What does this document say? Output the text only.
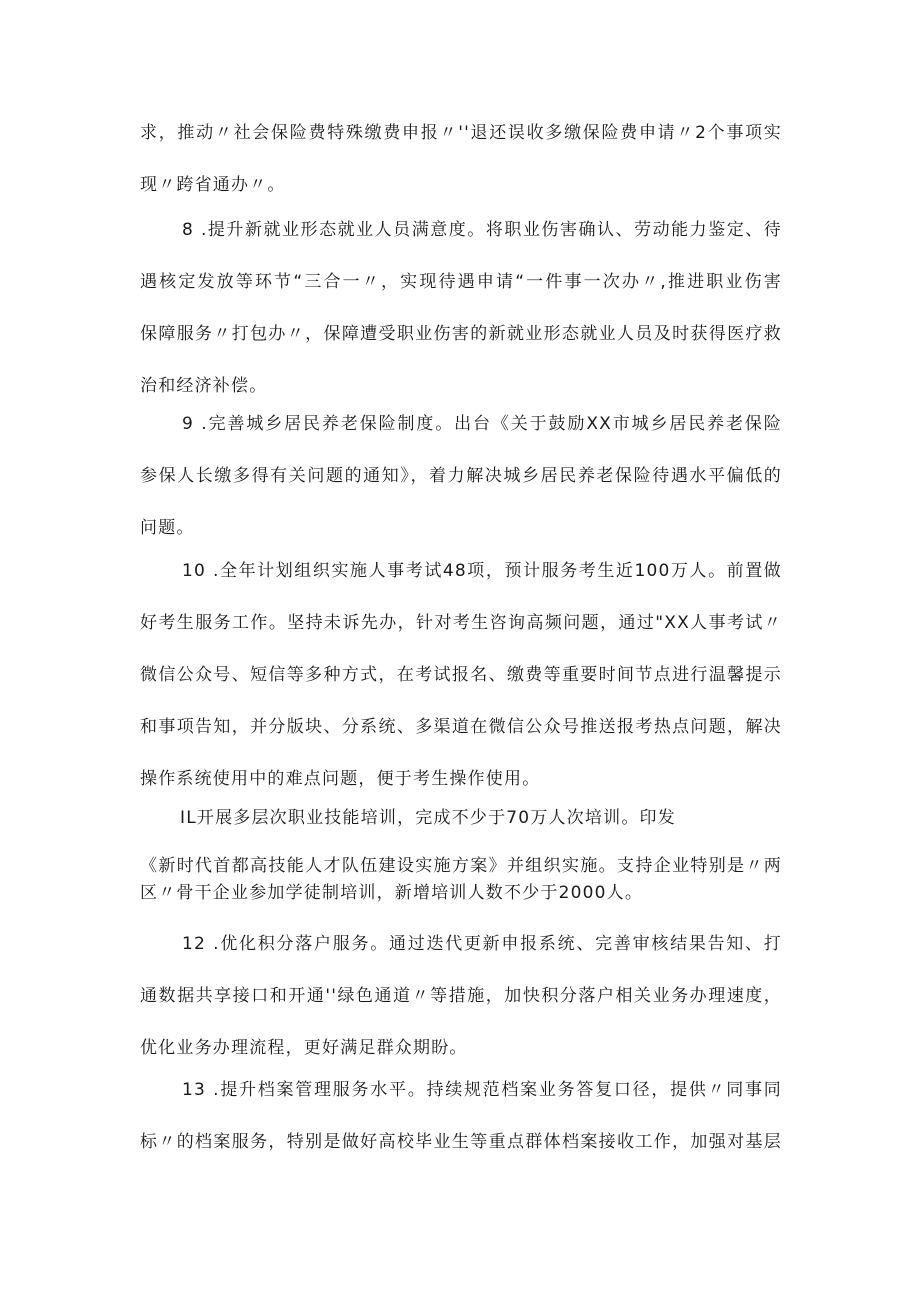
求，推动〃社会保险费特殊缴费申报〃''退还误收多缴保险费申请〃2个事项实
现〃跨省通办〃。
8 .提升新就业形态就业人员满意度。将职业伤害确认、劳动能力鉴定、待
遇核定发放等环节“三合一〃，实现待遇申请“一件事一次办〃,推进职业伤害
保障服务〃打包办〃，保障遭受职业伤害的新就业形态就业人员及时获得医疗救
治和经济补偿。
9 .完善城乡居民养老保险制度。出台《关于鼓励XX市城乡居民养老保险
参保人长缴多得有关问题的通知》，着力解决城乡居民养老保险待遇水平偏低的
问题。
10 .全年计划组织实施人事考试48项，预计服务考生近100万人。前置做
好考生服务工作。坚持未诉先办，针对考生咨询高频问题，通过"XX人事考试〃
微信公众号、短信等多种方式，在考试报名、缴费等重要时间节点进行温馨提示
和事项告知，并分版块、分系统、多渠道在微信公众号推送报考热点问题，解决
操作系统使用中的难点问题，便于考生操作使用。
IL开展多层次职业技能培训，完成不少于70万人次培训。印发
《新时代首都高技能人才队伍建设实施方案》并组织实施。支持企业特别是〃两
区〃骨干企业参加学徒制培训，新增培训人数不少于2000人。
12 .优化积分落户服务。通过迭代更新申报系统、完善审核结果告知、打
通数据共享接口和开通''绿色通道〃等措施，加快积分落户相关业务办理速度，
优化业务办理流程，更好满足群众期盼。
13 .提升档案管理服务水平。持续规范档案业务答复口径，提供〃同事同
标〃的档案服务，特别是做好高校毕业生等重点群体档案接收工作，加强对基层
